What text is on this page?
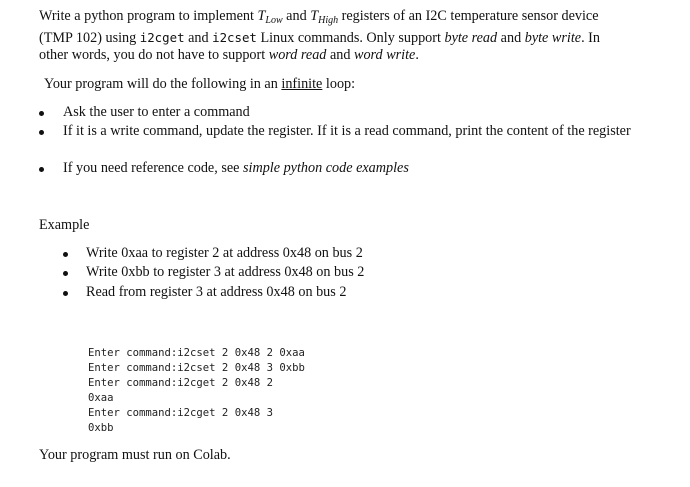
Write a python program to implement $T_{Low}$ and $T_{High}$ registers of an I2C temperature sensor device
(TMP 102) using i2cget and i2cset Linux commands. Only support byte read and byte write. In
other words, you do not have to support word read and word write.
Your program will do the following in an infinite loop:
Ask the user to enter a command
If it is a write command, update the register. If it is a read command, print the content of the register
If you need reference code, see simple python code examples
Example
Write 0xaa to register 2 at address 0x48 on bus 2
Write 0xbb to register 3 at address 0x48 on bus 2
Read from register 3 at address 0x48 on bus 2
Enter command:i2cset 2 0x48 2 0xaa
Enter command:i2cset 2 0x48 3 0xbb
Enter command:i2cget 2 0x48 2
0xaa
Enter command:i2cget 2 0x48 3
0xbb
Your program must run on Colab.
